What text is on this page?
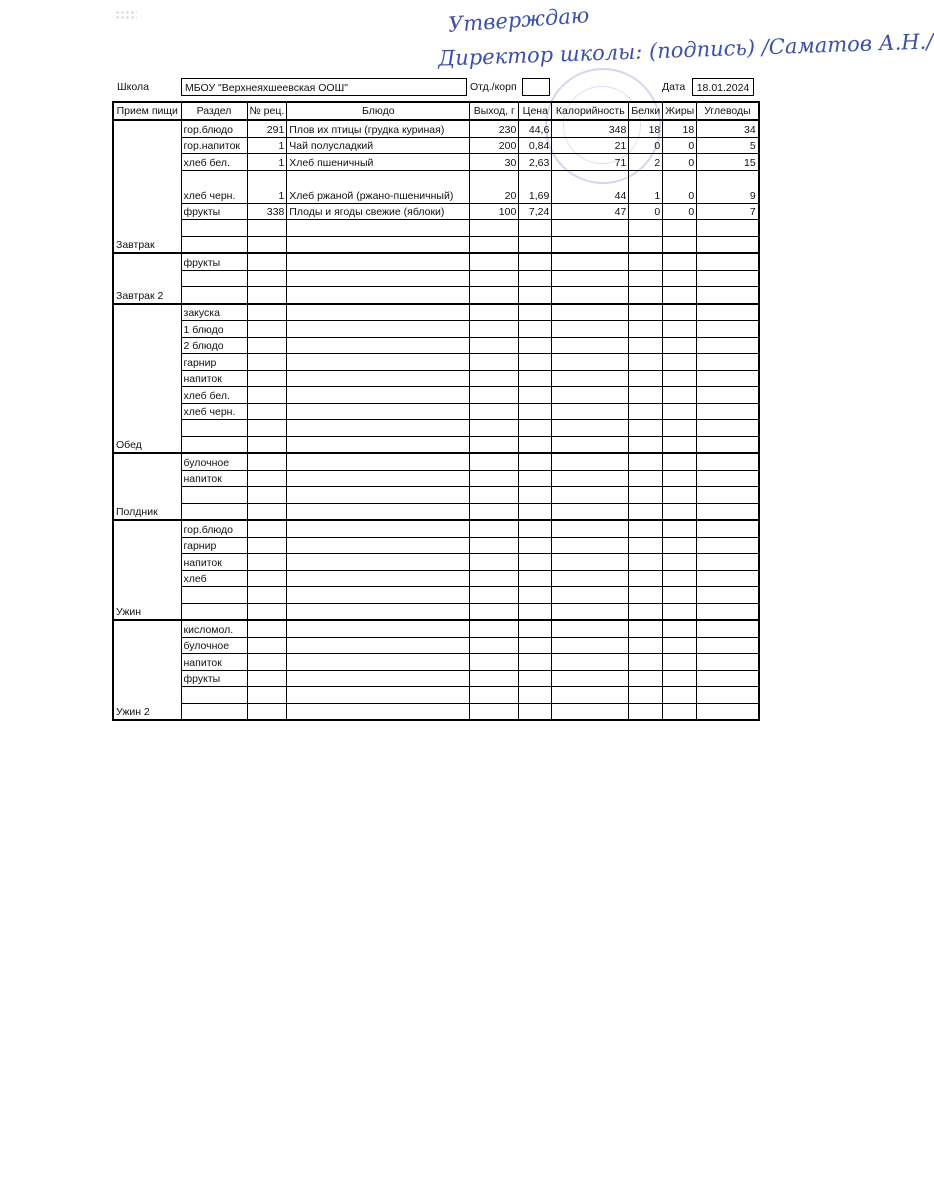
Утверждаю
Директор школы: (подпись) /Саматов А.Н./
Школа	МБОУ "Верхнеяхшеевская ООШ"	Отд./корп	Дата	18.01.2024
Прием пищи	Раздел	№ рец.	Блюдо	Выход, г	Цена	Калорийность	Белки	Жиры	Углеводы
Завтрак	гор.блюдо	291	Плов их птицы (грудка куриная)	230	44,6	348	18	18	34
	гор.напиток	1	Чай полусладкий	200	0,84	21	0	0	5
	хлеб бел.	1	Хлеб пшеничный	30	2,63	71	2	0	15
	хлеб черн.	1	Хлеб ржаной (ржано-пшеничный)	20	1,69	44	1	0	9
	фрукты	338	Плоды и ягоды свежие (яблоки)	100	7,24	47	0	0	7

Завтрак 2	фрукты								

Обед	закуска								
	1 блюдо								
	2 блюдо								
	гарнир								
	напиток								
	хлеб бел.								
	хлеб черн.								

Полдник	булочное								
	напиток								

Ужин	гор.блюдо								
	гарнир								
	напиток								
	хлеб								

Ужин 2	кисломол.								
	булочное								
	напиток								
	фрукты								
